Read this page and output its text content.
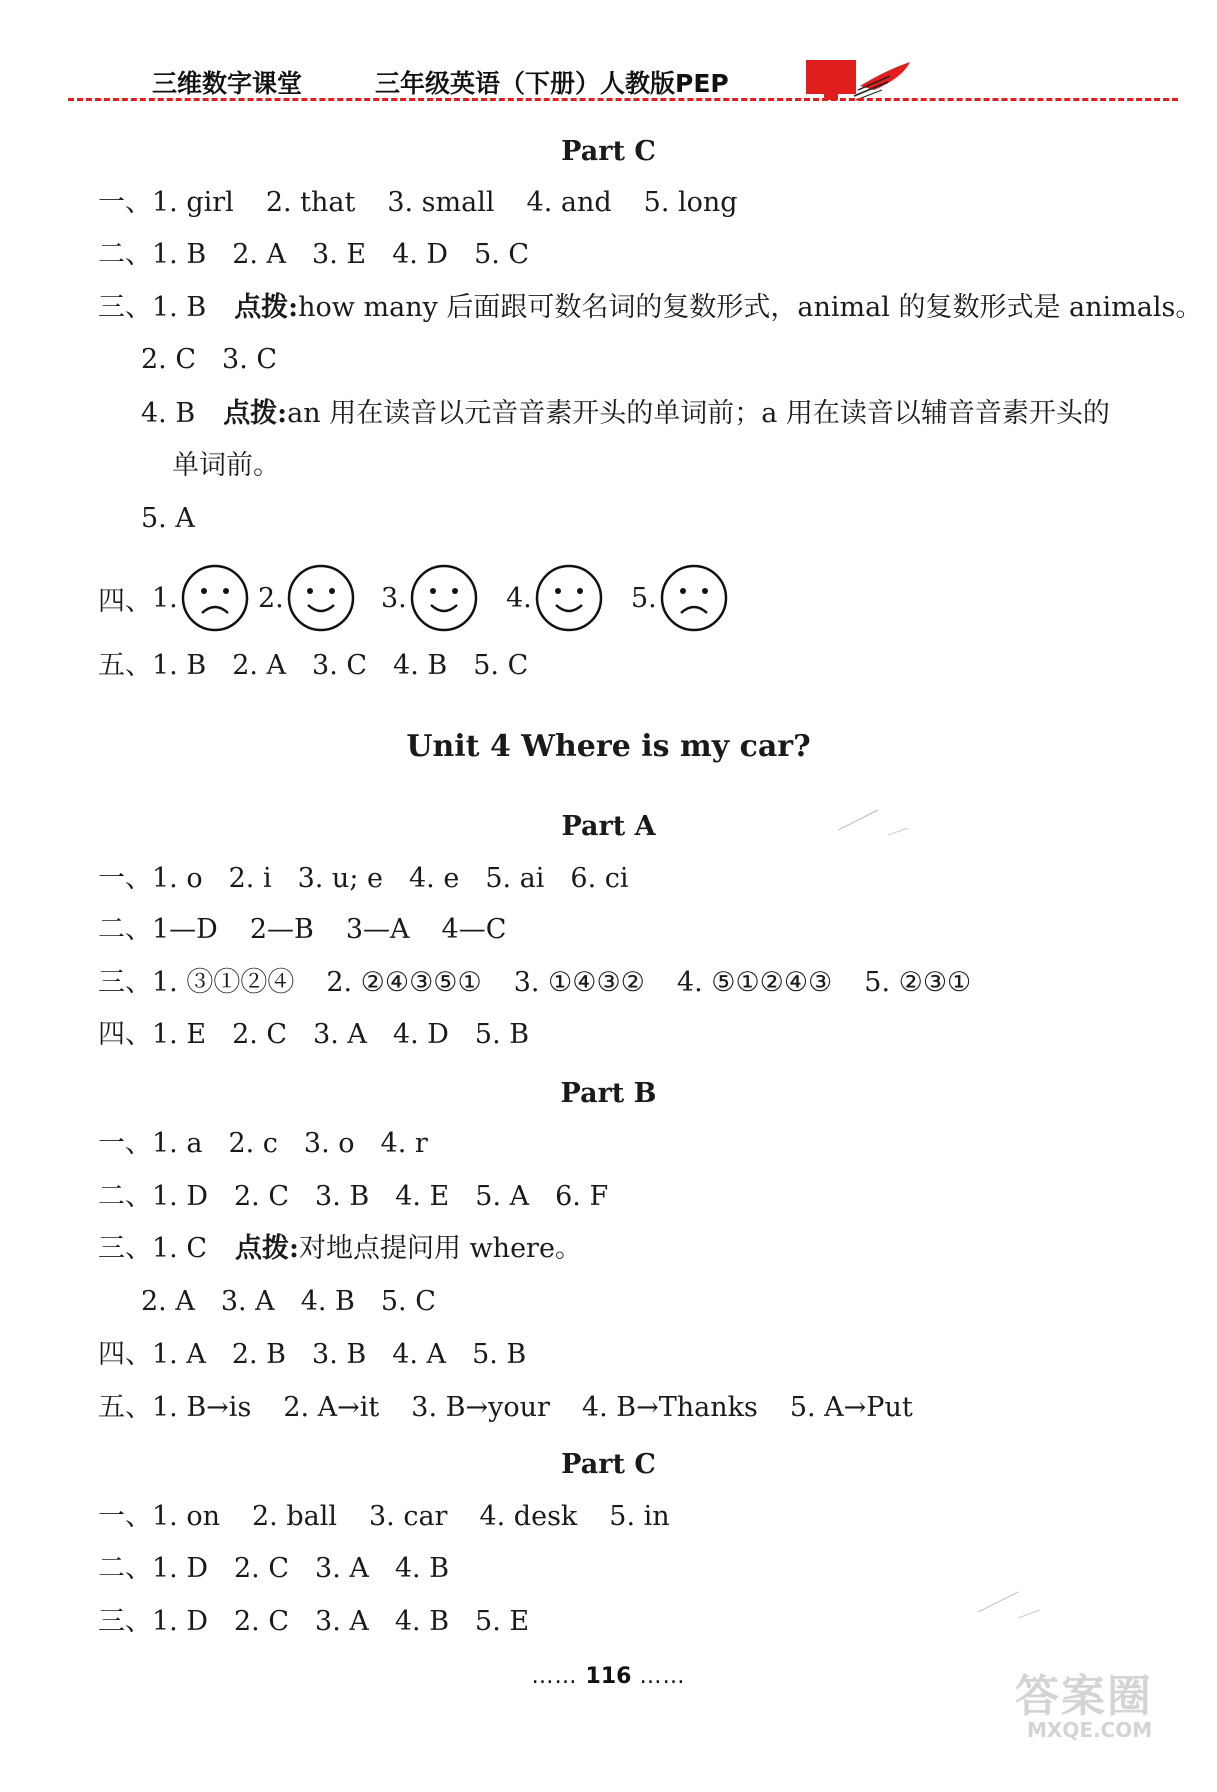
三维数字课堂	三年级英语（下册）人教版PEP
Part C
一、1. girl 2. that 3. small 4. and 5. long
二、1. B 2. A 3. E 4. D 5. C
三、1. B 点拨:how many 后面跟可数名词的复数形式，animal 的复数形式是 animals。
2. C 3. C
4. B 点拨:an 用在读音以元音音素开头的单词前；a 用在读音以辅音音素开头的
单词前。
5. A
四、 1.	2.	3.	4.	5.
五、1. B 2. A 3. C 4. B 5. C
Unit 4 Where is my car?
Part A
一、1. o 2. i 3. u; e 4. e 5. ai 6. ci
二、1—D 2—B 3—A 4—C
三、1. ③①②④ 2. ②④③⑤① 3. ①④③② 4. ⑤①②④③ 5. ②③①
四、1. E 2. C 3. A 4. D 5. B
Part B
一、1. a 2. c 3. o 4. r
二、1. D 2. C 3. B 4. E 5. A 6. F
三、1. C 点拨:对地点提问用 where。
2. A 3. A 4. B 5. C
四、1. A 2. B 3. B 4. A 5. B
五、1. B→is 2. A→it 3. B→your 4. B→Thanks 5. A→Put
Part C
一、1. on 2. ball 3. car 4. desk 5. in
二、1. D 2. C 3. A 4. B
三、1. D 2. C 3. A 4. B 5. E
…… 116 ……	答案圈
MXQE.COM
